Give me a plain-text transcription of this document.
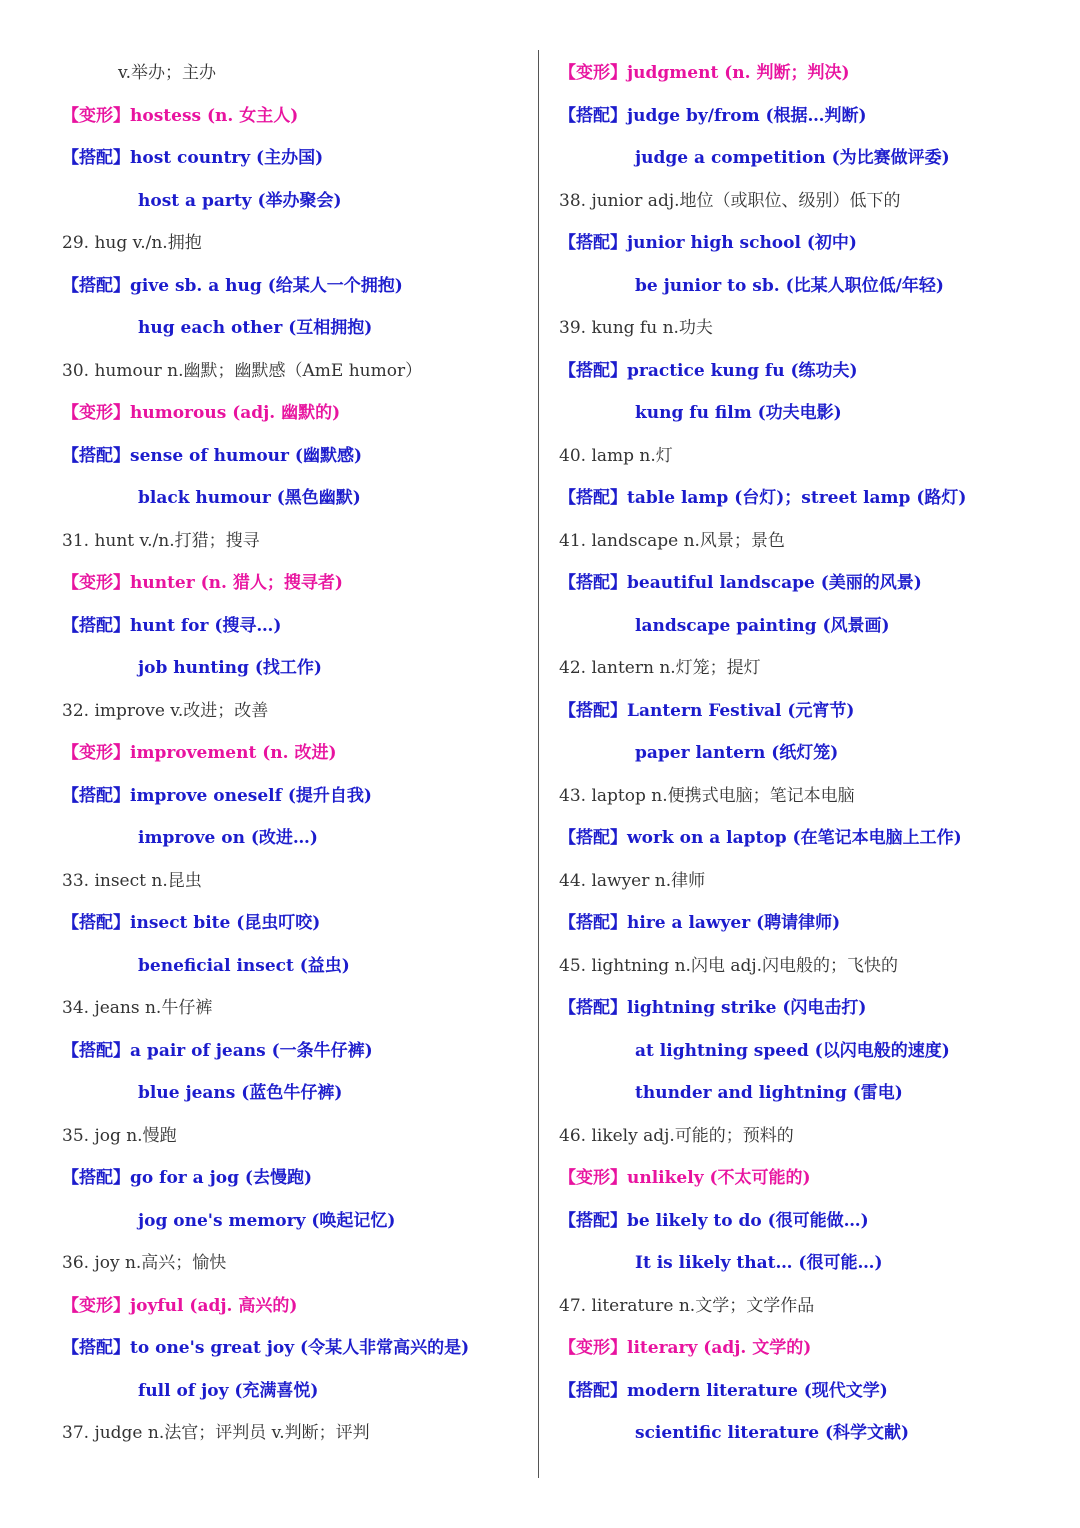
v.举办；主办
【变形】hostess (n. 女主人)
【搭配】host country (主办国)
host a party (举办聚会)
29. hug v./n.拥抱
【搭配】give sb. a hug (给某人一个拥抱)
hug each other (互相拥抱)
30. humour n.幽默；幽默感（AmE humor）
【变形】humorous (adj. 幽默的)
【搭配】sense of humour (幽默感)
black humour (黑色幽默)
31. hunt v./n.打猎；搜寻
【变形】hunter (n. 猎人；搜寻者)
【搭配】hunt for (搜寻…)
job hunting (找工作)
32. improve v.改进；改善
【变形】improvement (n. 改进)
【搭配】improve oneself (提升自我)
improve on (改进…)
33. insect n.昆虫
【搭配】insect bite (昆虫叮咬)
beneficial insect (益虫)
34. jeans n.牛仔裤
【搭配】a pair of jeans (一条牛仔裤)
blue jeans (蓝色牛仔裤)
35. jog n.慢跑
【搭配】go for a jog (去慢跑)
jog one's memory (唤起记忆)
36. joy n.高兴；愉快
【变形】joyful (adj. 高兴的)
【搭配】to one's great joy (令某人非常高兴的是)
full of joy (充满喜悦)
37. judge n.法官；评判员 v.判断；评判
【变形】judgment (n. 判断；判决)
【搭配】judge by/from (根据…判断)
judge a competition (为比赛做评委)
38. junior adj.地位（或职位、级别）低下的
【搭配】junior high school (初中)
be junior to sb. (比某人职位低/年轻)
39. kung fu n.功夫
【搭配】practice kung fu (练功夫)
kung fu film (功夫电影)
40. lamp n.灯
【搭配】table lamp (台灯)；street lamp (路灯)
41. landscape n.风景；景色
【搭配】beautiful landscape (美丽的风景)
landscape painting (风景画)
42. lantern n.灯笼；提灯
【搭配】Lantern Festival (元宵节)
paper lantern (纸灯笼)
43. laptop n.便携式电脑；笔记本电脑
【搭配】work on a laptop (在笔记本电脑上工作)
44. lawyer n.律师
【搭配】hire a lawyer (聘请律师)
45. lightning n.闪电 adj.闪电般的；飞快的
【搭配】lightning strike (闪电击打)
at lightning speed (以闪电般的速度)
thunder and lightning (雷电)
46. likely adj.可能的；预料的
【变形】unlikely (不太可能的)
【搭配】be likely to do (很可能做…)
It is likely that… (很可能…)
47. literature n.文学；文学作品
【变形】literary (adj. 文学的)
【搭配】modern literature (现代文学)
scientific literature (科学文献)
